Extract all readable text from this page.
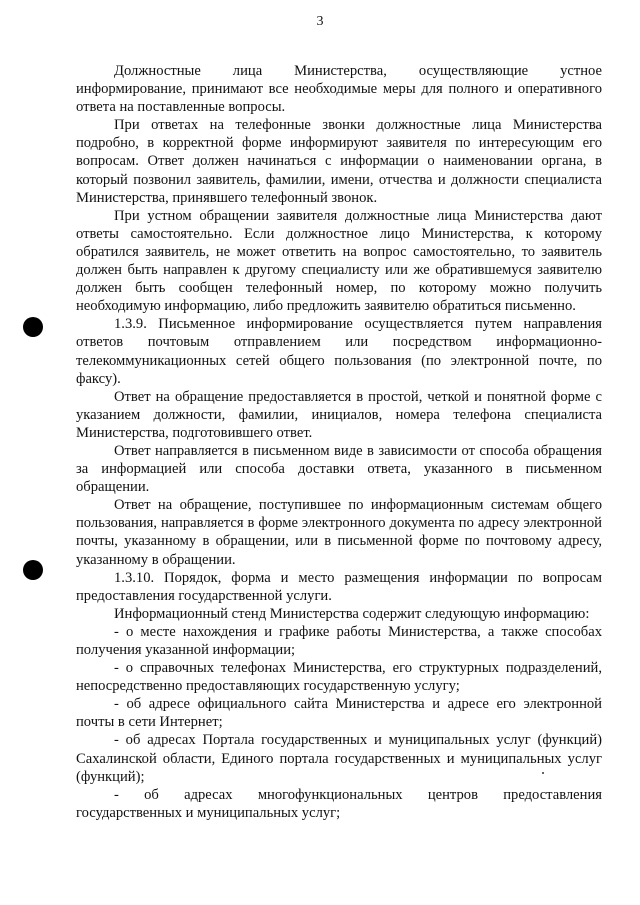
3

Должностные лица Министерства, осуществляющие устное информирование, принимают все необходимые меры для полного и оперативного ответа на поставленные вопросы.

При ответах на телефонные звонки должностные лица Министерства подробно, в корректной форме информируют заявителя по интересующим его вопросам. Ответ должен начинаться с информации о наименовании органа, в который позвонил заявитель, фамилии, имени, отчества и должности специалиста Министерства, принявшего телефонный звонок.

При устном обращении заявителя должностные лица Министерства дают ответы самостоятельно. Если должностное лицо Министерства, к которому обратился заявитель, не может ответить на вопрос самостоятельно, то заявитель должен быть направлен к другому специалисту или же обратившемуся заявителю должен быть сообщен телефонный номер, по которому можно получить необходимую информацию, либо предложить заявителю обратиться письменно.

1.3.9. Письменное информирование осуществляется путем направления ответов почтовым отправлением или посредством информационно-телекоммуникационных сетей общего пользования (по электронной почте, по факсу).

Ответ на обращение предоставляется в простой, четкой и понятной форме с указанием должности, фамилии, инициалов, номера телефона специалиста Министерства, подготовившего ответ.

Ответ направляется в письменном виде в зависимости от способа обращения за информацией или способа доставки ответа, указанного в письменном обращении.

Ответ на обращение, поступившее по информационным системам общего пользования, направляется в форме электронного документа по адресу электронной почты, указанному в обращении, или в письменной форме по почтовому адресу, указанному в обращении.

1.3.10. Порядок, форма и место размещения информации по вопросам предоставления государственной услуги.

Информационный стенд Министерства содержит следующую информацию:

- о месте нахождения и графике работы Министерства, а также способах получения указанной информации;

- о справочных телефонах Министерства, его структурных подразделений, непосредственно предоставляющих государственную услугу;

- об адресе официального сайта Министерства и адресе его электронной почты в сети Интернет;

- об адресах Портала государственных и муниципальных услуг (функций) Сахалинской области, Единого портала государственных и муниципальных услуг (функций);

- об адресах многофункциональных центров предоставления государственных и муниципальных услуг;
